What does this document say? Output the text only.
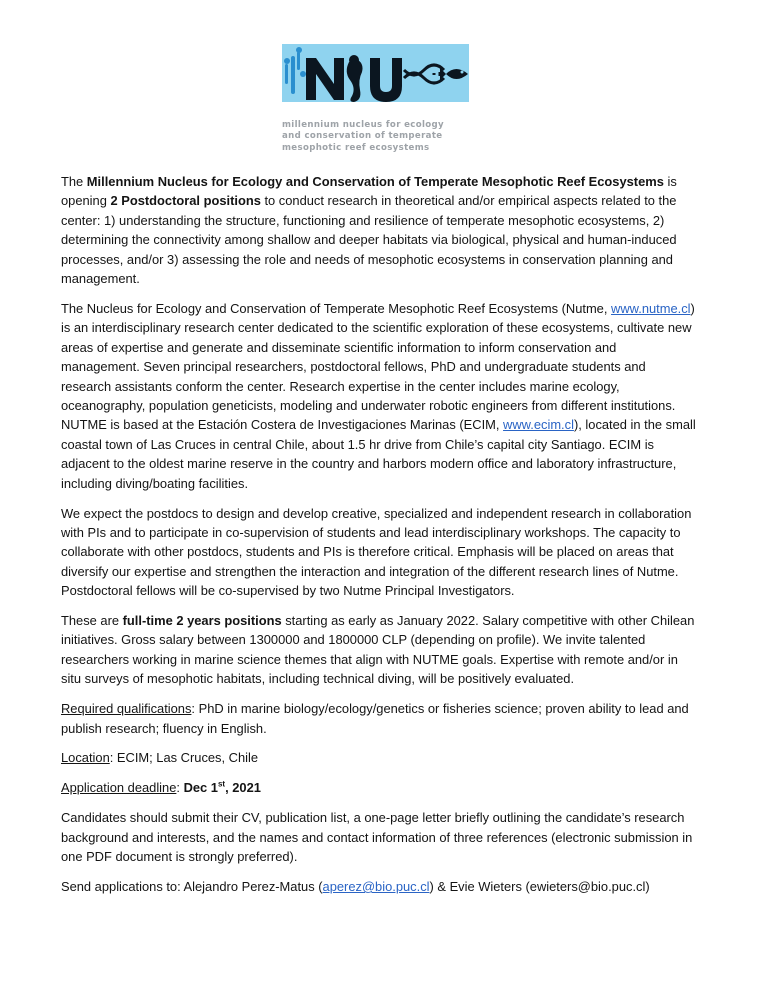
millennium nucleus for ecology
and conservation of temperate
mesophotic reef ecosystems

The Millennium Nucleus for Ecology and Conservation of Temperate Mesophotic Reef Ecosystems is opening 2 Postdoctoral positions to conduct research in theoretical and/or empirical aspects related to the center: 1) understanding the structure, functioning and resilience of temperate mesophotic ecosystems, 2) determining the connectivity among shallow and deeper habitats via biological, physical and human-induced processes, and/or 3) assessing the role and needs of mesophotic ecosystems in conservation planning and management.

The Nucleus for Ecology and Conservation of Temperate Mesophotic Reef Ecosystems (Nutme, www.nutme.cl) is an interdisciplinary research center dedicated to the scientific exploration of these ecosystems, cultivate new areas of expertise and generate and disseminate scientific information to inform conservation and management. Seven principal researchers, postdoctoral fellows, PhD and undergraduate students and research assistants conform the center. Research expertise in the center includes marine ecology, oceanography, population geneticists, modeling and underwater robotic engineers from different institutions. NUTME is based at the Estación Costera de Investigaciones Marinas (ECIM, www.ecim.cl), located in the small coastal town of Las Cruces in central Chile, about 1.5 hr drive from Chile’s capital city Santiago. ECIM is adjacent to the oldest marine reserve in the country and harbors modern office and laboratory infrastructure, including diving/boating facilities.

We expect the postdocs to design and develop creative, specialized and independent research in collaboration with PIs and to participate in co-supervision of students and lead interdisciplinary workshops. The capacity to collaborate with other postdocs, students and PIs is therefore critical. Emphasis will be placed on areas that diversify our expertise and strengthen the interaction and integration of the different research lines of Nutme. Postdoctoral fellows will be co-supervised by two Nutme Principal Investigators.

These are full-time 2 years positions starting as early as January 2022. Salary competitive with other Chilean initiatives. Gross salary between 1300000 and 1800000 CLP (depending on profile). We invite talented researchers working in marine science themes that align with NUTME goals. Expertise with remote and/or in situ surveys of mesophotic habitats, including technical diving, will be positively evaluated.

Required qualifications: PhD in marine biology/ecology/genetics or fisheries science; proven ability to lead and publish research; fluency in English.

Location: ECIM; Las Cruces, Chile

Application deadline: Dec 1st, 2021

Candidates should submit their CV, publication list, a one-page letter briefly outlining the candidate’s research background and interests, and the names and contact information of three references (electronic submission in one PDF document is strongly preferred).

Send applications to: Alejandro Perez-Matus (aperez@bio.puc.cl) & Evie Wieters (ewieters@bio.puc.cl)
